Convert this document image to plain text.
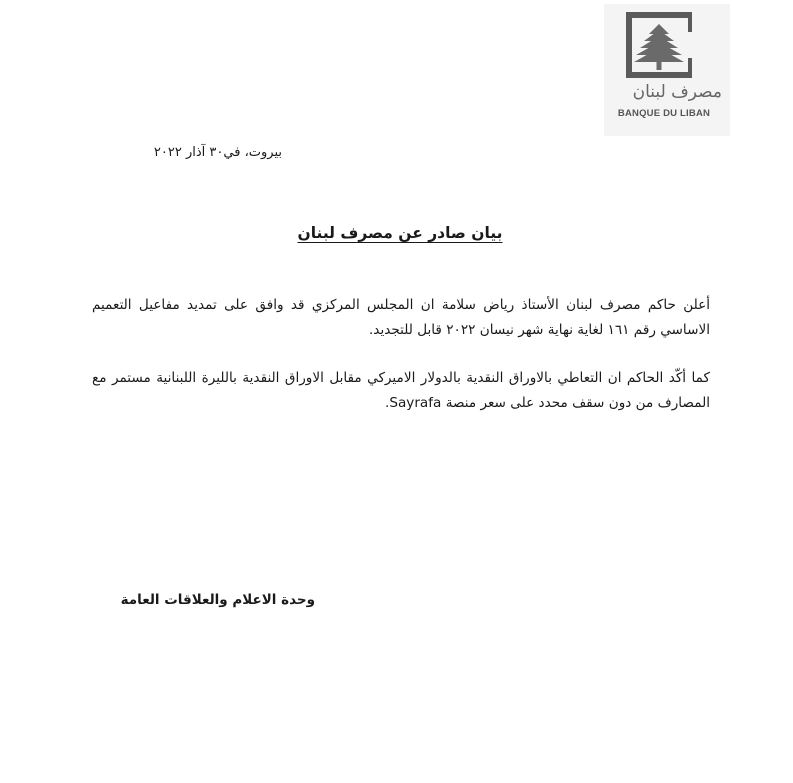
مصرف لبنان
BANQUE DU LIBAN
بيروت، في٣٠ آذار ٢٠٢٢
بيان صادر عن مصرف لبنان

أعلن حاكم مصرف لبنان الأستاذ رياض سلامة ان المجلس المركزي قد وافق على تمديد مفاعيل التعميم الاساسي رقم ١٦١ لغاية نهاية شهر نيسان ٢٠٢٢ قابل للتجديد.

كما أكّد الحاكم ان التعاطي بالاوراق النقدية بالدولار الاميركي مقابل الاوراق النقدية بالليرة اللبنانية مستمر مع المصارف من دون سقف محدد على سعر منصة Sayrafa.

وحدة الاعلام والعلاقات العامة
